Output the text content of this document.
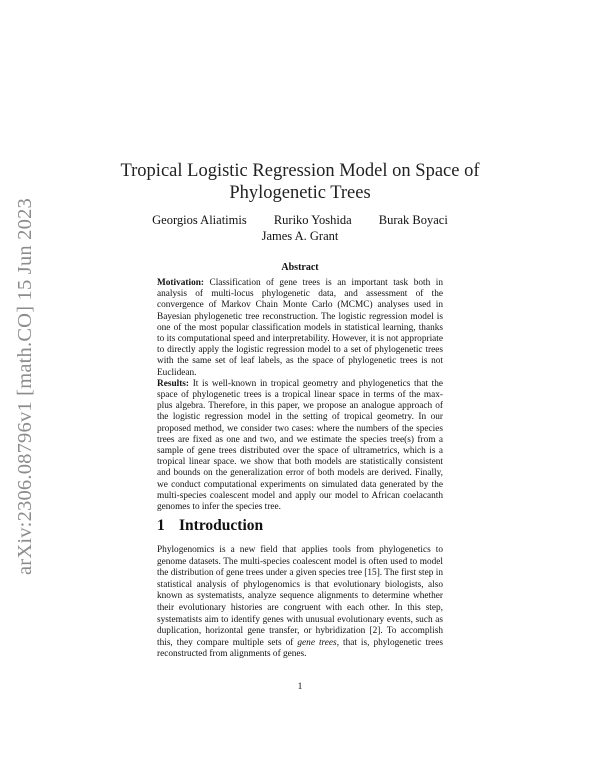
arXiv:2306.08796v1 [math.CO] 15 Jun 2023
Tropical Logistic Regression Model on Space of
Phylogenetic Trees
Georgios Aliatimis Ruriko Yoshida Burak Boyaci
James A. Grant
Abstract

Motivation: Classification of gene trees is an important task both in analysis of multi-locus phylogenetic data, and assessment of the convergence of Markov Chain Monte Carlo (MCMC) analyses used in Bayesian phylogenetic tree reconstruction. The logistic regression model is one of the most popular classification models in statistical learning, thanks to its computational speed and interpretability. However, it is not appropriate to directly apply the logistic regression model to a set of phylogenetic trees with the same set of leaf labels, as the space of phylogenetic trees is not Euclidean.

Results: It is well-known in tropical geometry and phylogenetics that the space of phylogenetic trees is a tropical linear space in terms of the max-plus algebra. Therefore, in this paper, we propose an analogue approach of the logistic regression model in the setting of tropical geometry. In our proposed method, we consider two cases: where the numbers of the species trees are fixed as one and two, and we estimate the species tree(s) from a sample of gene trees distributed over the space of ultrametrics, which is a tropical linear space. we show that both models are statistically consistent and bounds on the generalization error of both models are derived. Finally, we conduct computational experiments on simulated data generated by the multi-species coalescent model and apply our model to African coelacanth genomes to infer the species tree.

1 Introduction
Phylogenomics is a new field that applies tools from phylogenetics to genome datasets. The multi-species coalescent model is often used to model the distribution of gene trees under a given species tree [15]. The first step in statistical analysis of phylogenomics is that evolutionary biologists, also known as systematists, analyze sequence alignments to determine whether their evolutionary histories are congruent with each other. In this step, systematists aim to identify genes with unusual evolutionary events, such as duplication, horizontal gene transfer, or hybridization [2]. To accomplish this, they compare multiple sets of gene trees, that is, phylogenetic trees reconstructed from alignments of genes.
1
